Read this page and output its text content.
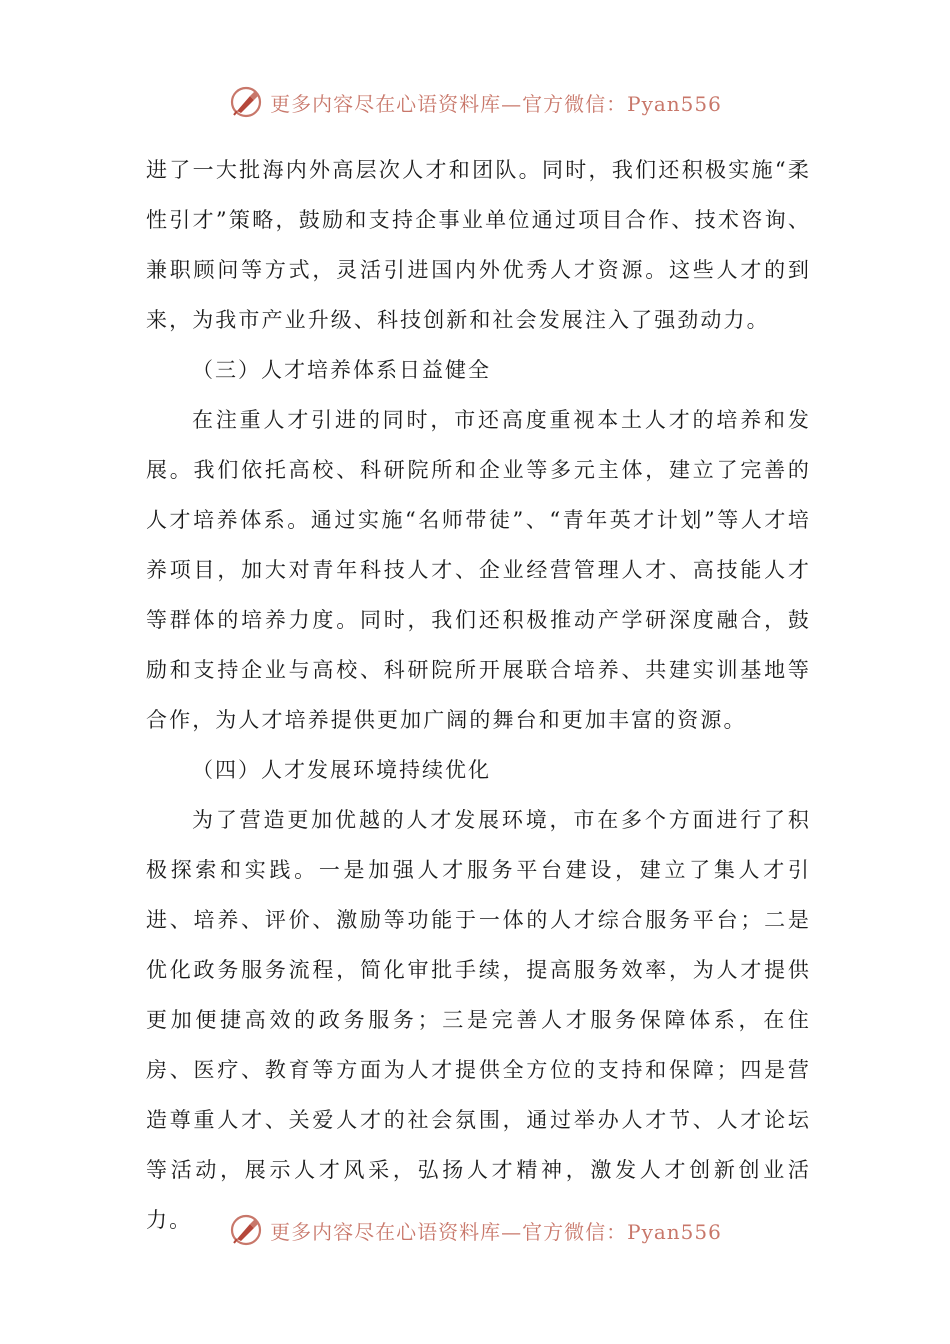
更多内容尽在心语资料库—官方微信：Pyan556

进了一大批海内外高层次人才和团队。同时，我们还积极实施“柔性引才”策略，鼓励和支持企事业单位通过项目合作、技术咨询、兼职顾问等方式，灵活引进国内外优秀人才资源。这些人才的到来，为我市产业升级、科技创新和社会发展注入了强劲动力。

（三）人才培养体系日益健全

在注重人才引进的同时，市还高度重视本土人才的培养和发展。我们依托高校、科研院所和企业等多元主体，建立了完善的人才培养体系。通过实施“名师带徒”、“青年英才计划”等人才培养项目，加大对青年科技人才、企业经营管理人才、高技能人才等群体的培养力度。同时，我们还积极推动产学研深度融合，鼓励和支持企业与高校、科研院所开展联合培养、共建实训基地等合作，为人才培养提供更加广阔的舞台和更加丰富的资源。

（四）人才发展环境持续优化

为了营造更加优越的人才发展环境，市在多个方面进行了积极探索和实践。一是加强人才服务平台建设，建立了集人才引进、培养、评价、激励等功能于一体的人才综合服务平台；二是优化政务服务流程，简化审批手续，提高服务效率，为人才提供更加便捷高效的政务服务；三是完善人才服务保障体系，在住房、医疗、教育等方面为人才提供全方位的支持和保障；四是营造尊重人才、关爱人才的社会氛围，通过举办人才节、人才论坛等活动，展示人才风采，弘扬人才精神，激发人才创新创业活力。	更多内容尽在心语资料库—官方微信：Pyan556
